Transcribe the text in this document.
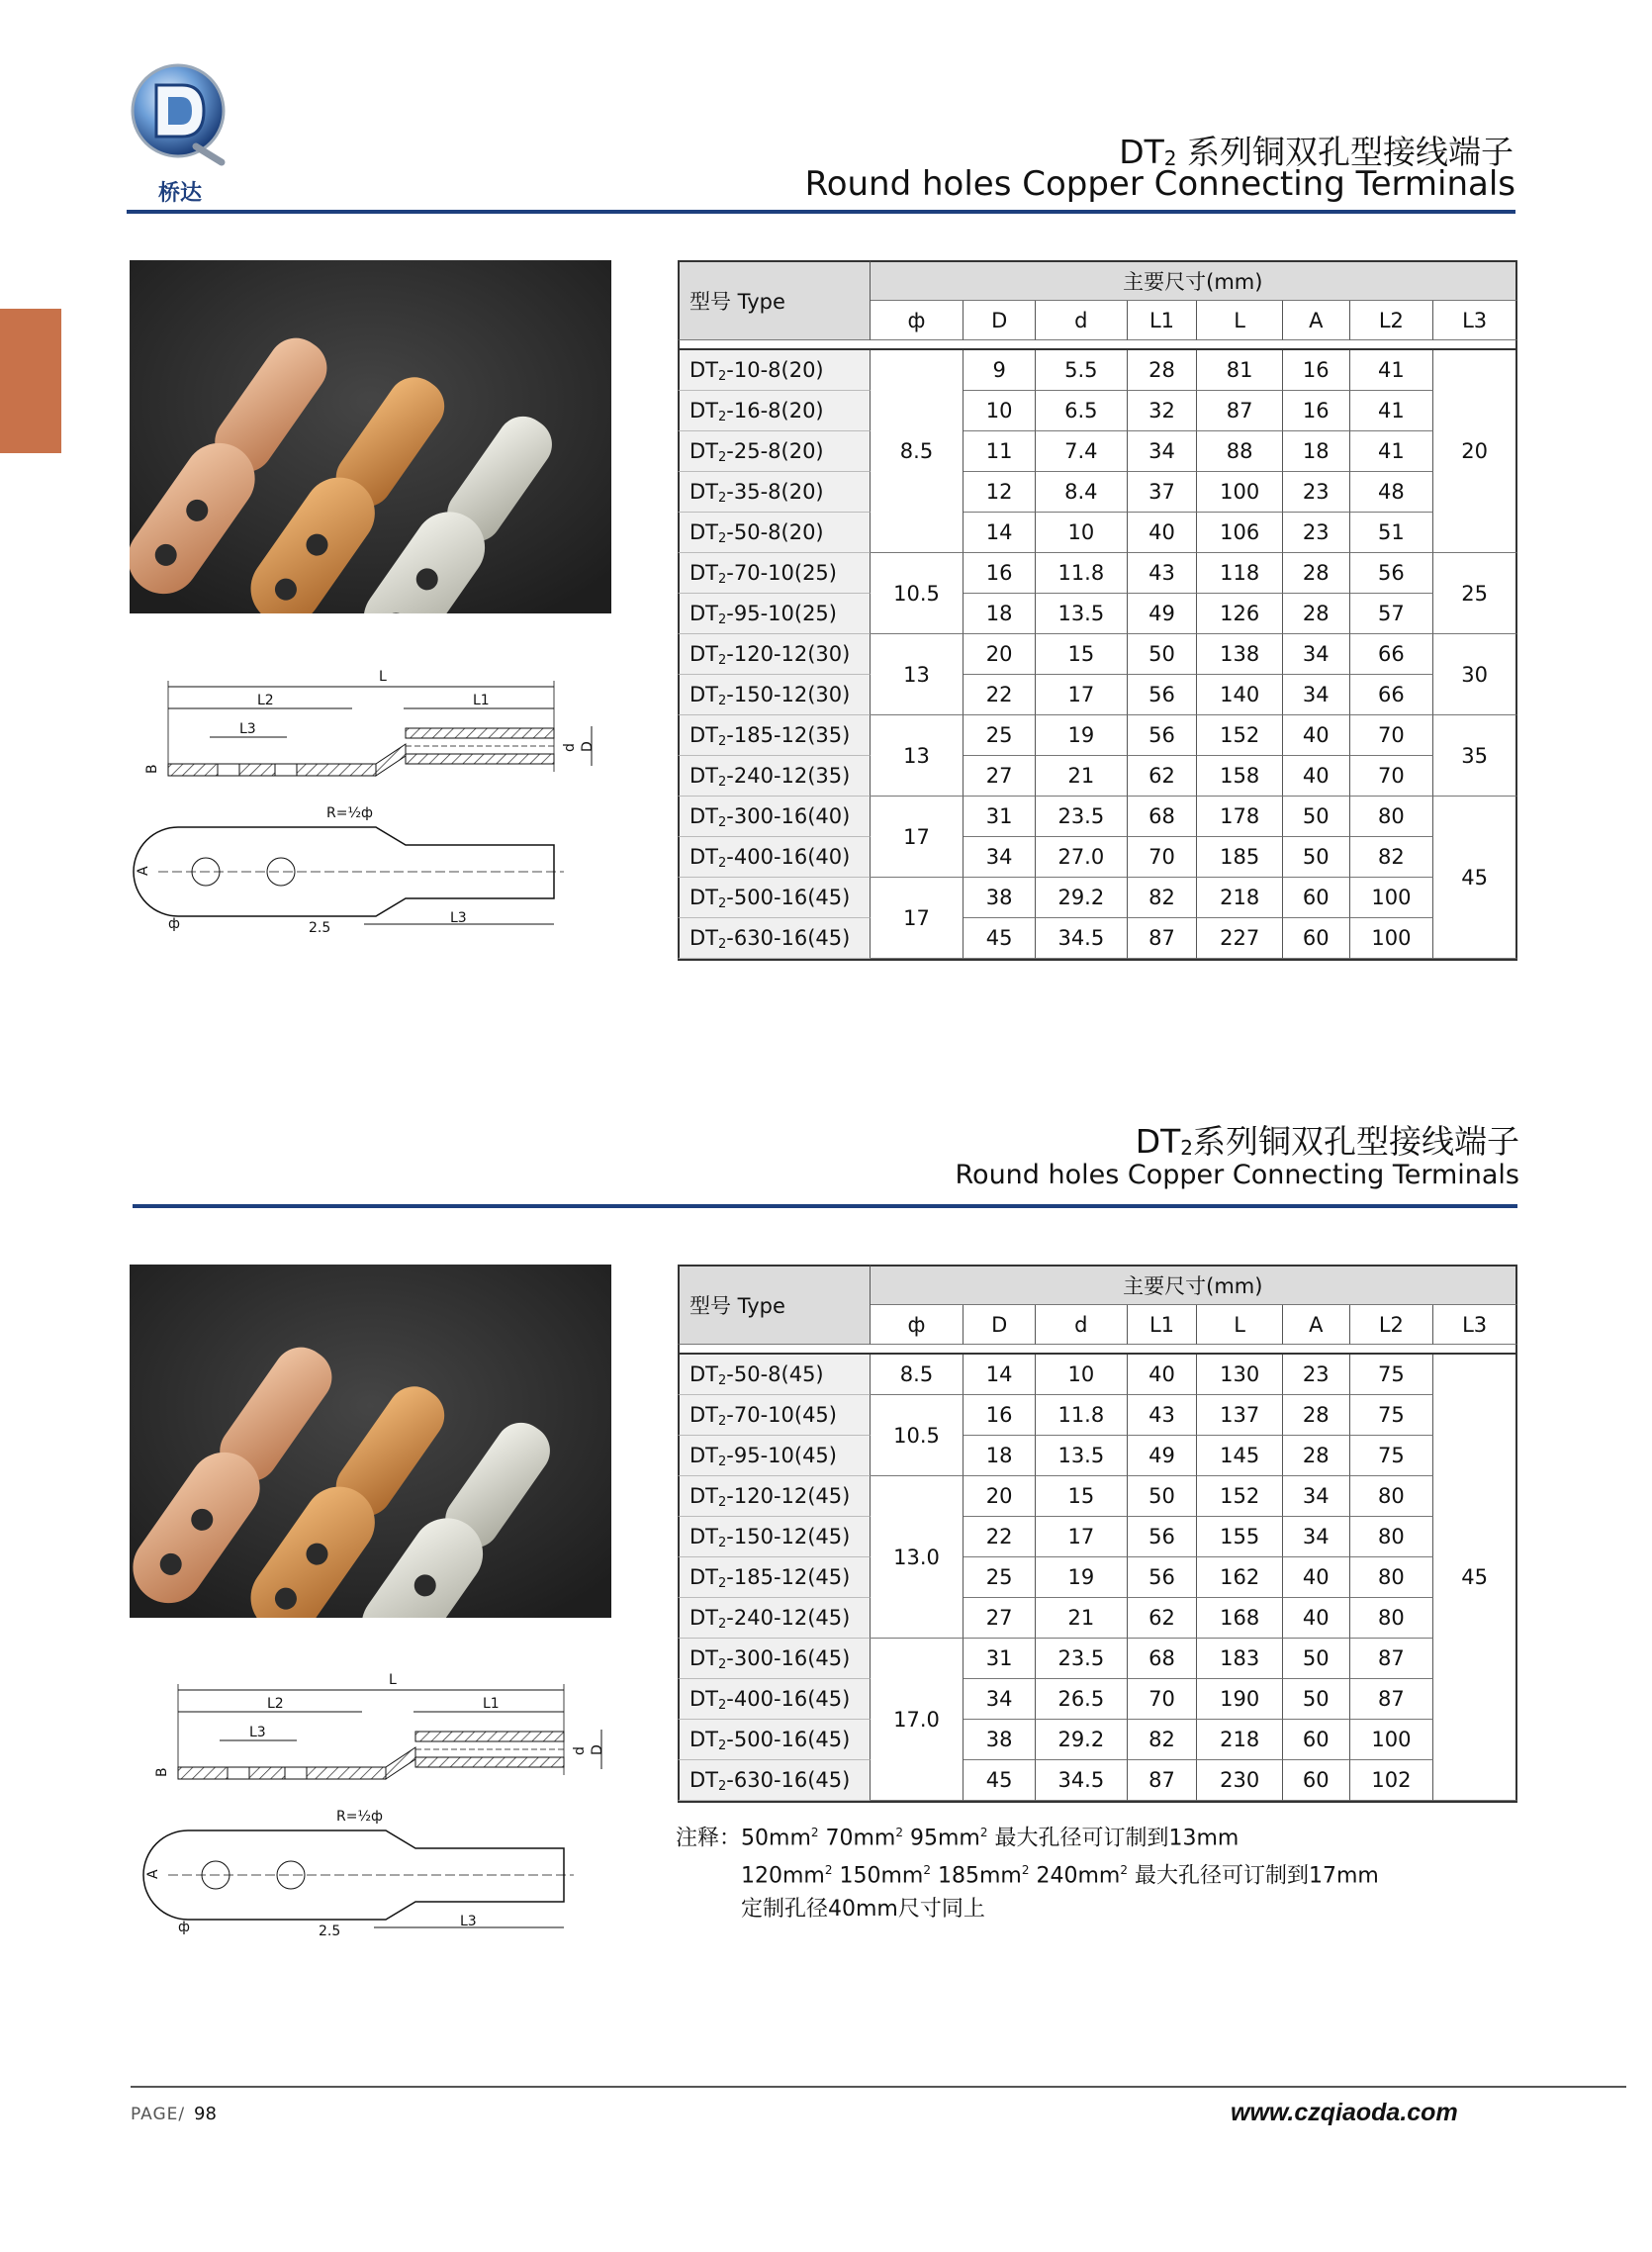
桥达
$DT_2$ 系列铜双孔型接线端子
Round holes Copper Connecting Terminals
L
L2	L1
L3
B
d D
R=½ф
A
ф	2.5
L3
型号 Type	主要尺寸(mm)							
	ф	D	d	L1	L	A	L2	L3

$DT_2-10-8(20)$	8.5	9	5.5	28	81	16	41	20
$DT_2-16-8(20)$		10	6.5	32	87	16	41	
$DT_2-25-8(20)$		11	7.4	34	88	18	41	
$DT_2-35-8(20)$		12	8.4	37	100	23	48	
$DT_2-50-8(20)$		14	10	40	106	23	51	
$DT_2-70-10(25)$	10.5	16	11.8	43	118	28	56	25
$DT_2-95-10(25)$		18	13.5	49	126	28	57	
$DT_2-120-12(30)$	13	20	15	50	138	34	66	30
$DT_2-150-12(30)$		22	17	56	140	34	66	
$DT_2-185-12(35)$	13	25	19	56	152	40	70	35
$DT_2-240-12(35)$		27	21	62	158	40	70	
$DT_2-300-16(40)$	17	31	23.5	68	178	50	80	45
$DT_2-400-16(40)$		34	27.0	70	185	50	82	
$DT_2-500-16(45)$	17	38	29.2	82	218	60	100	
$DT_2-630-16(45)$		45	34.5	87	227	60	100	
$DT_2$系列铜双孔型接线端子
Round holes Copper Connecting Terminals
L
L2	L1
L3
B
d D
R=½ф
A
ф	2.5
L3
型号 Type	主要尺寸(mm)							
	ф	D	d	L1	L	A	L2	L3

$DT_2-50-8(45)$	8.5	14	10	40	130	23	75	45
$DT_2-70-10(45)$	10.5	16	11.8	43	137	28	75	
$DT_2-95-10(45)$		18	13.5	49	145	28	75	
$DT_2-120-12(45)$	13.0	20	15	50	152	34	80	
$DT_2-150-12(45)$		22	17	56	155	34	80	
$DT_2-185-12(45)$		25	19	56	162	40	80	
$DT_2-240-12(45)$		27	21	62	168	40	80	
$DT_2-300-16(45)$	17.0	31	23.5	68	183	50	87	
$DT_2-400-16(45)$		34	26.5	70	190	50	87	
$DT_2-500-16(45)$		38	29.2	82	218	60	100	
$DT_2-630-16(45)$		45	34.5	87	230	60	102	
注释：$50mm^2$ $70mm^2$ $95mm^2$ 最大孔径可订制到13mm
$120mm^2$ $150mm^2$ $185mm^2$ $240mm^2$ 最大孔径可订制到17mm
定制孔径40mm尺寸同上
PAGE/ 98	www.czqiaoda.com
